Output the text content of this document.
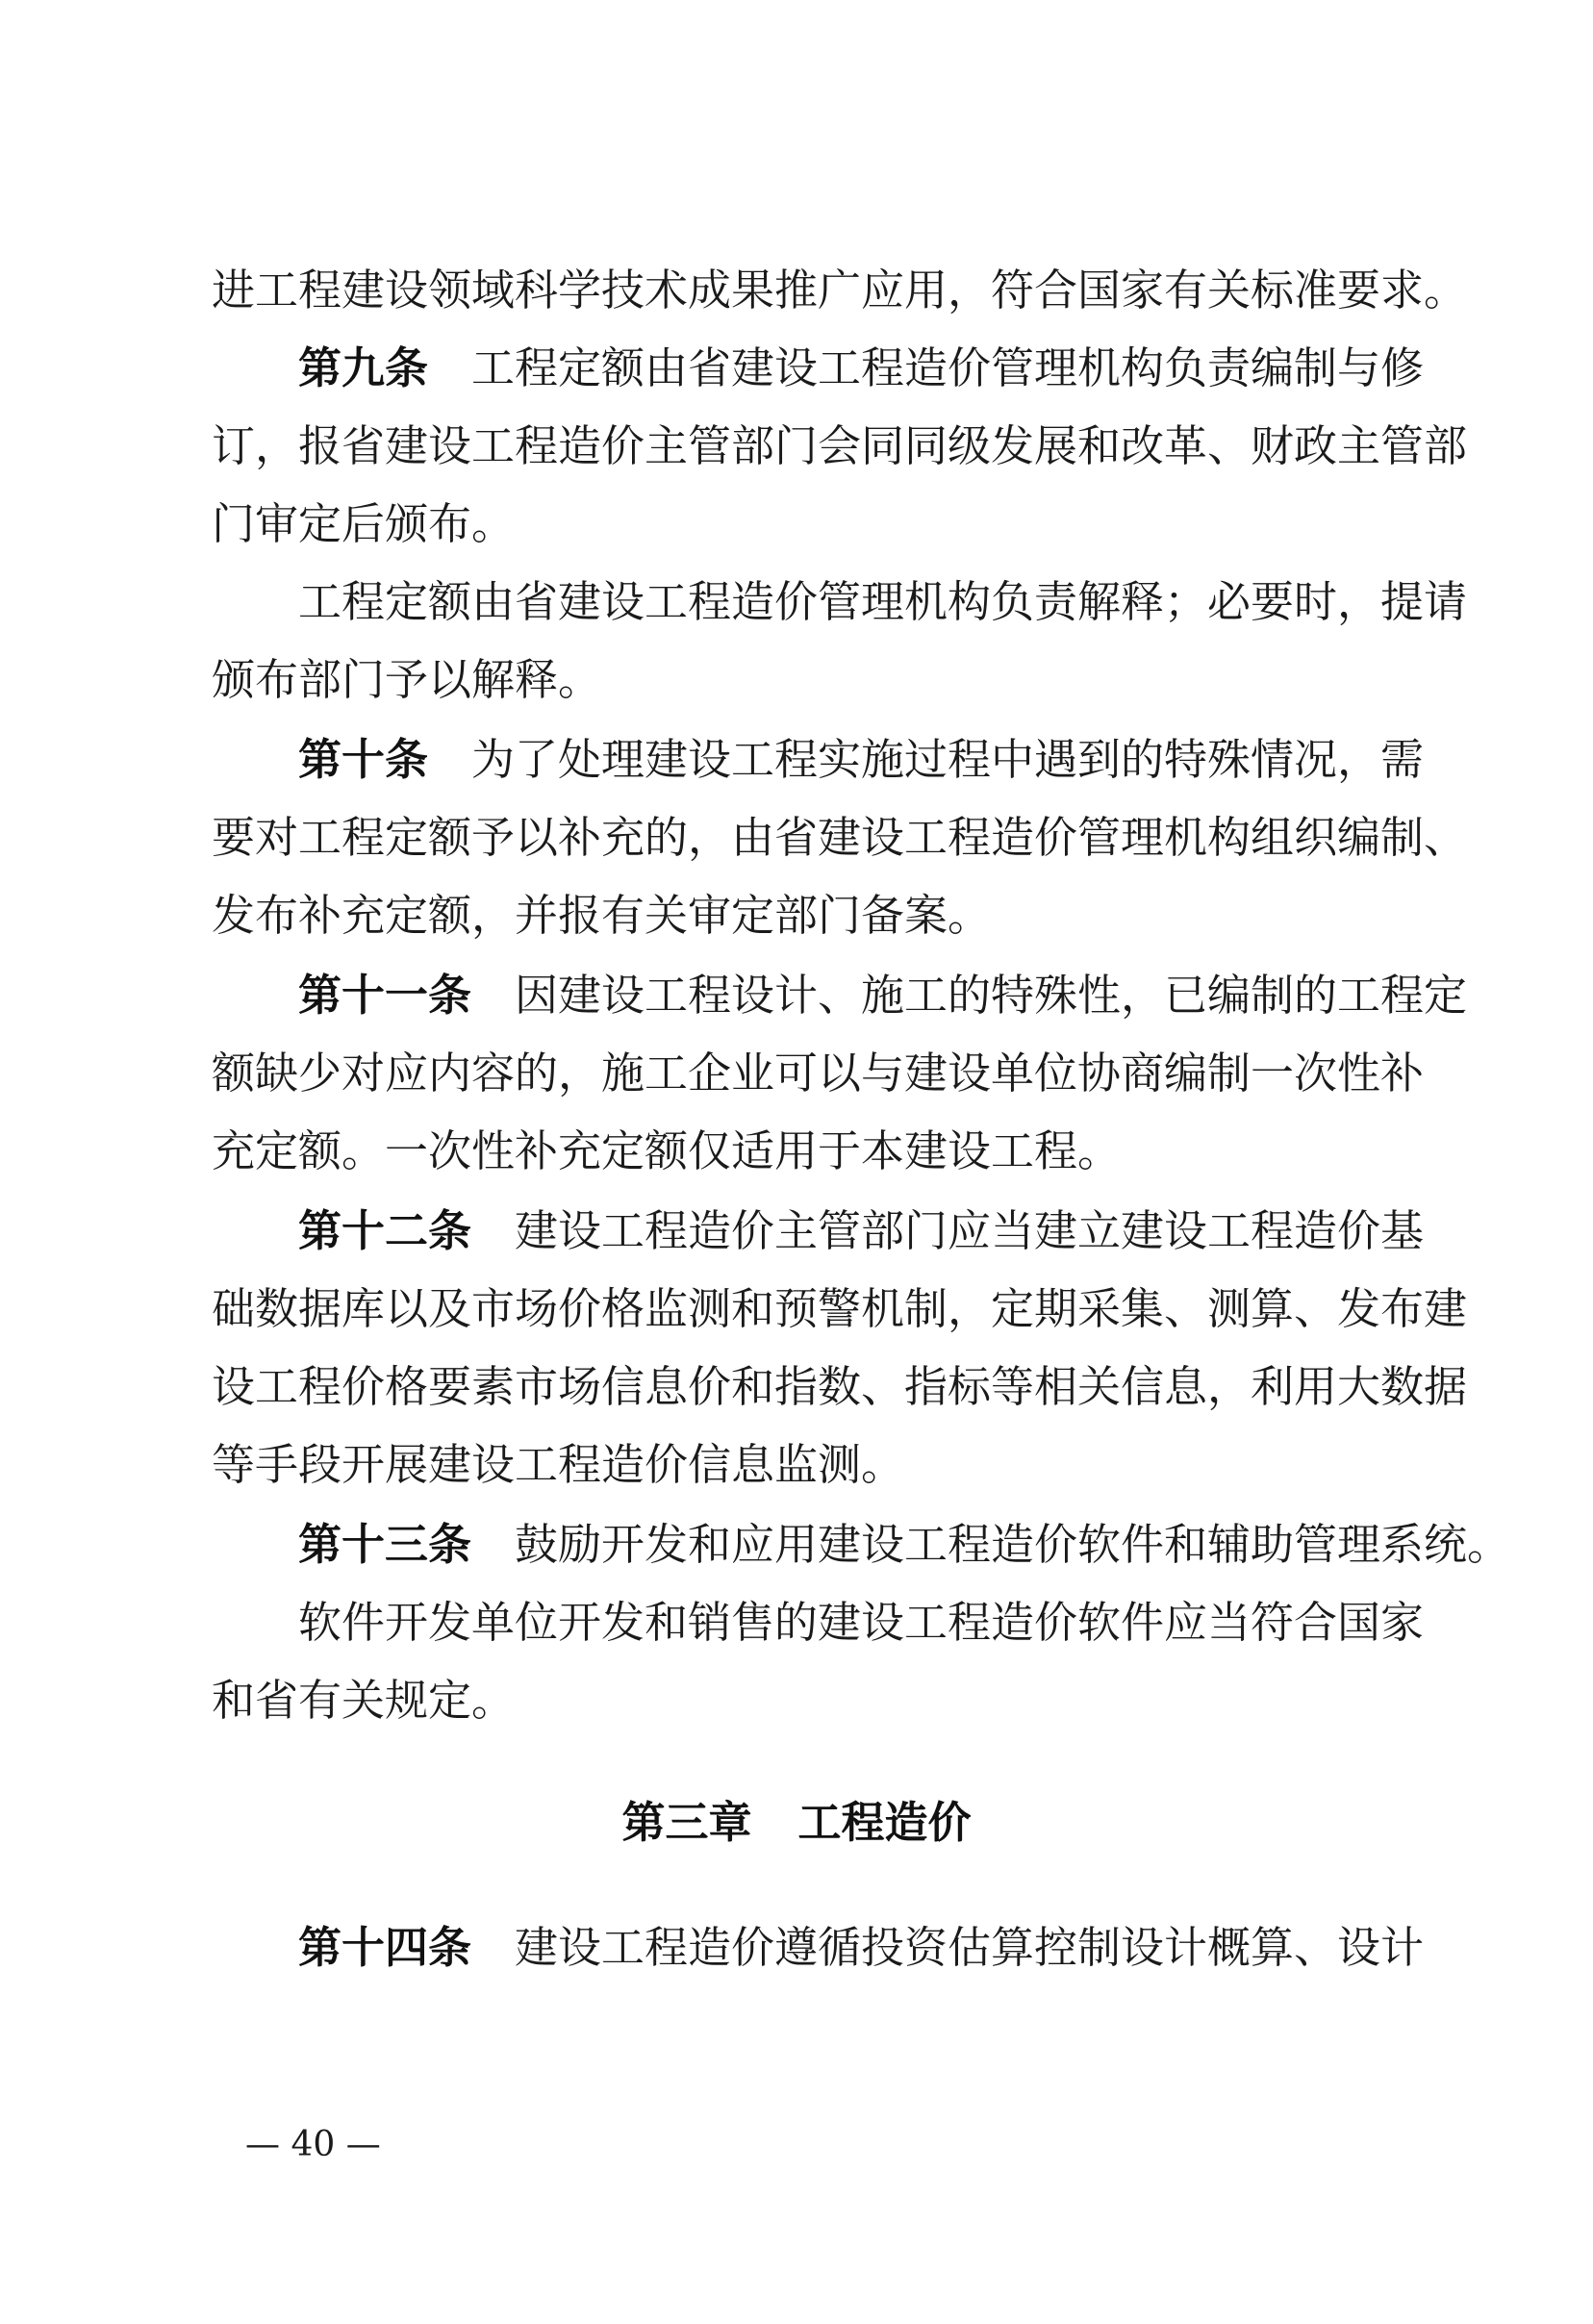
进工程建设领域科学技术成果推广应用，符合国家有关标准要求。
第九条 工程定额由省建设工程造价管理机构负责编制与修
订，报省建设工程造价主管部门会同同级发展和改革、财政主管部
门审定后颁布。
工程定额由省建设工程造价管理机构负责解释；必要时，提请
颁布部门予以解释。
第十条 为了处理建设工程实施过程中遇到的特殊情况，需
要对工程定额予以补充的，由省建设工程造价管理机构组织编制、
发布补充定额，并报有关审定部门备案。
第十一条 因建设工程设计、施工的特殊性，已编制的工程定
额缺少对应内容的，施工企业可以与建设单位协商编制一次性补
充定额。一次性补充定额仅适用于本建设工程。
第十二条 建设工程造价主管部门应当建立建设工程造价基
础数据库以及市场价格监测和预警机制，定期采集、测算、发布建
设工程价格要素市场信息价和指数、指标等相关信息，利用大数据
等手段开展建设工程造价信息监测。
第十三条 鼓励开发和应用建设工程造价软件和辅助管理系统。
软件开发单位开发和销售的建设工程造价软件应当符合国家
和省有关规定。
第三章 工程造价
第十四条 建设工程造价遵循投资估算控制设计概算、设计
— 40 —
